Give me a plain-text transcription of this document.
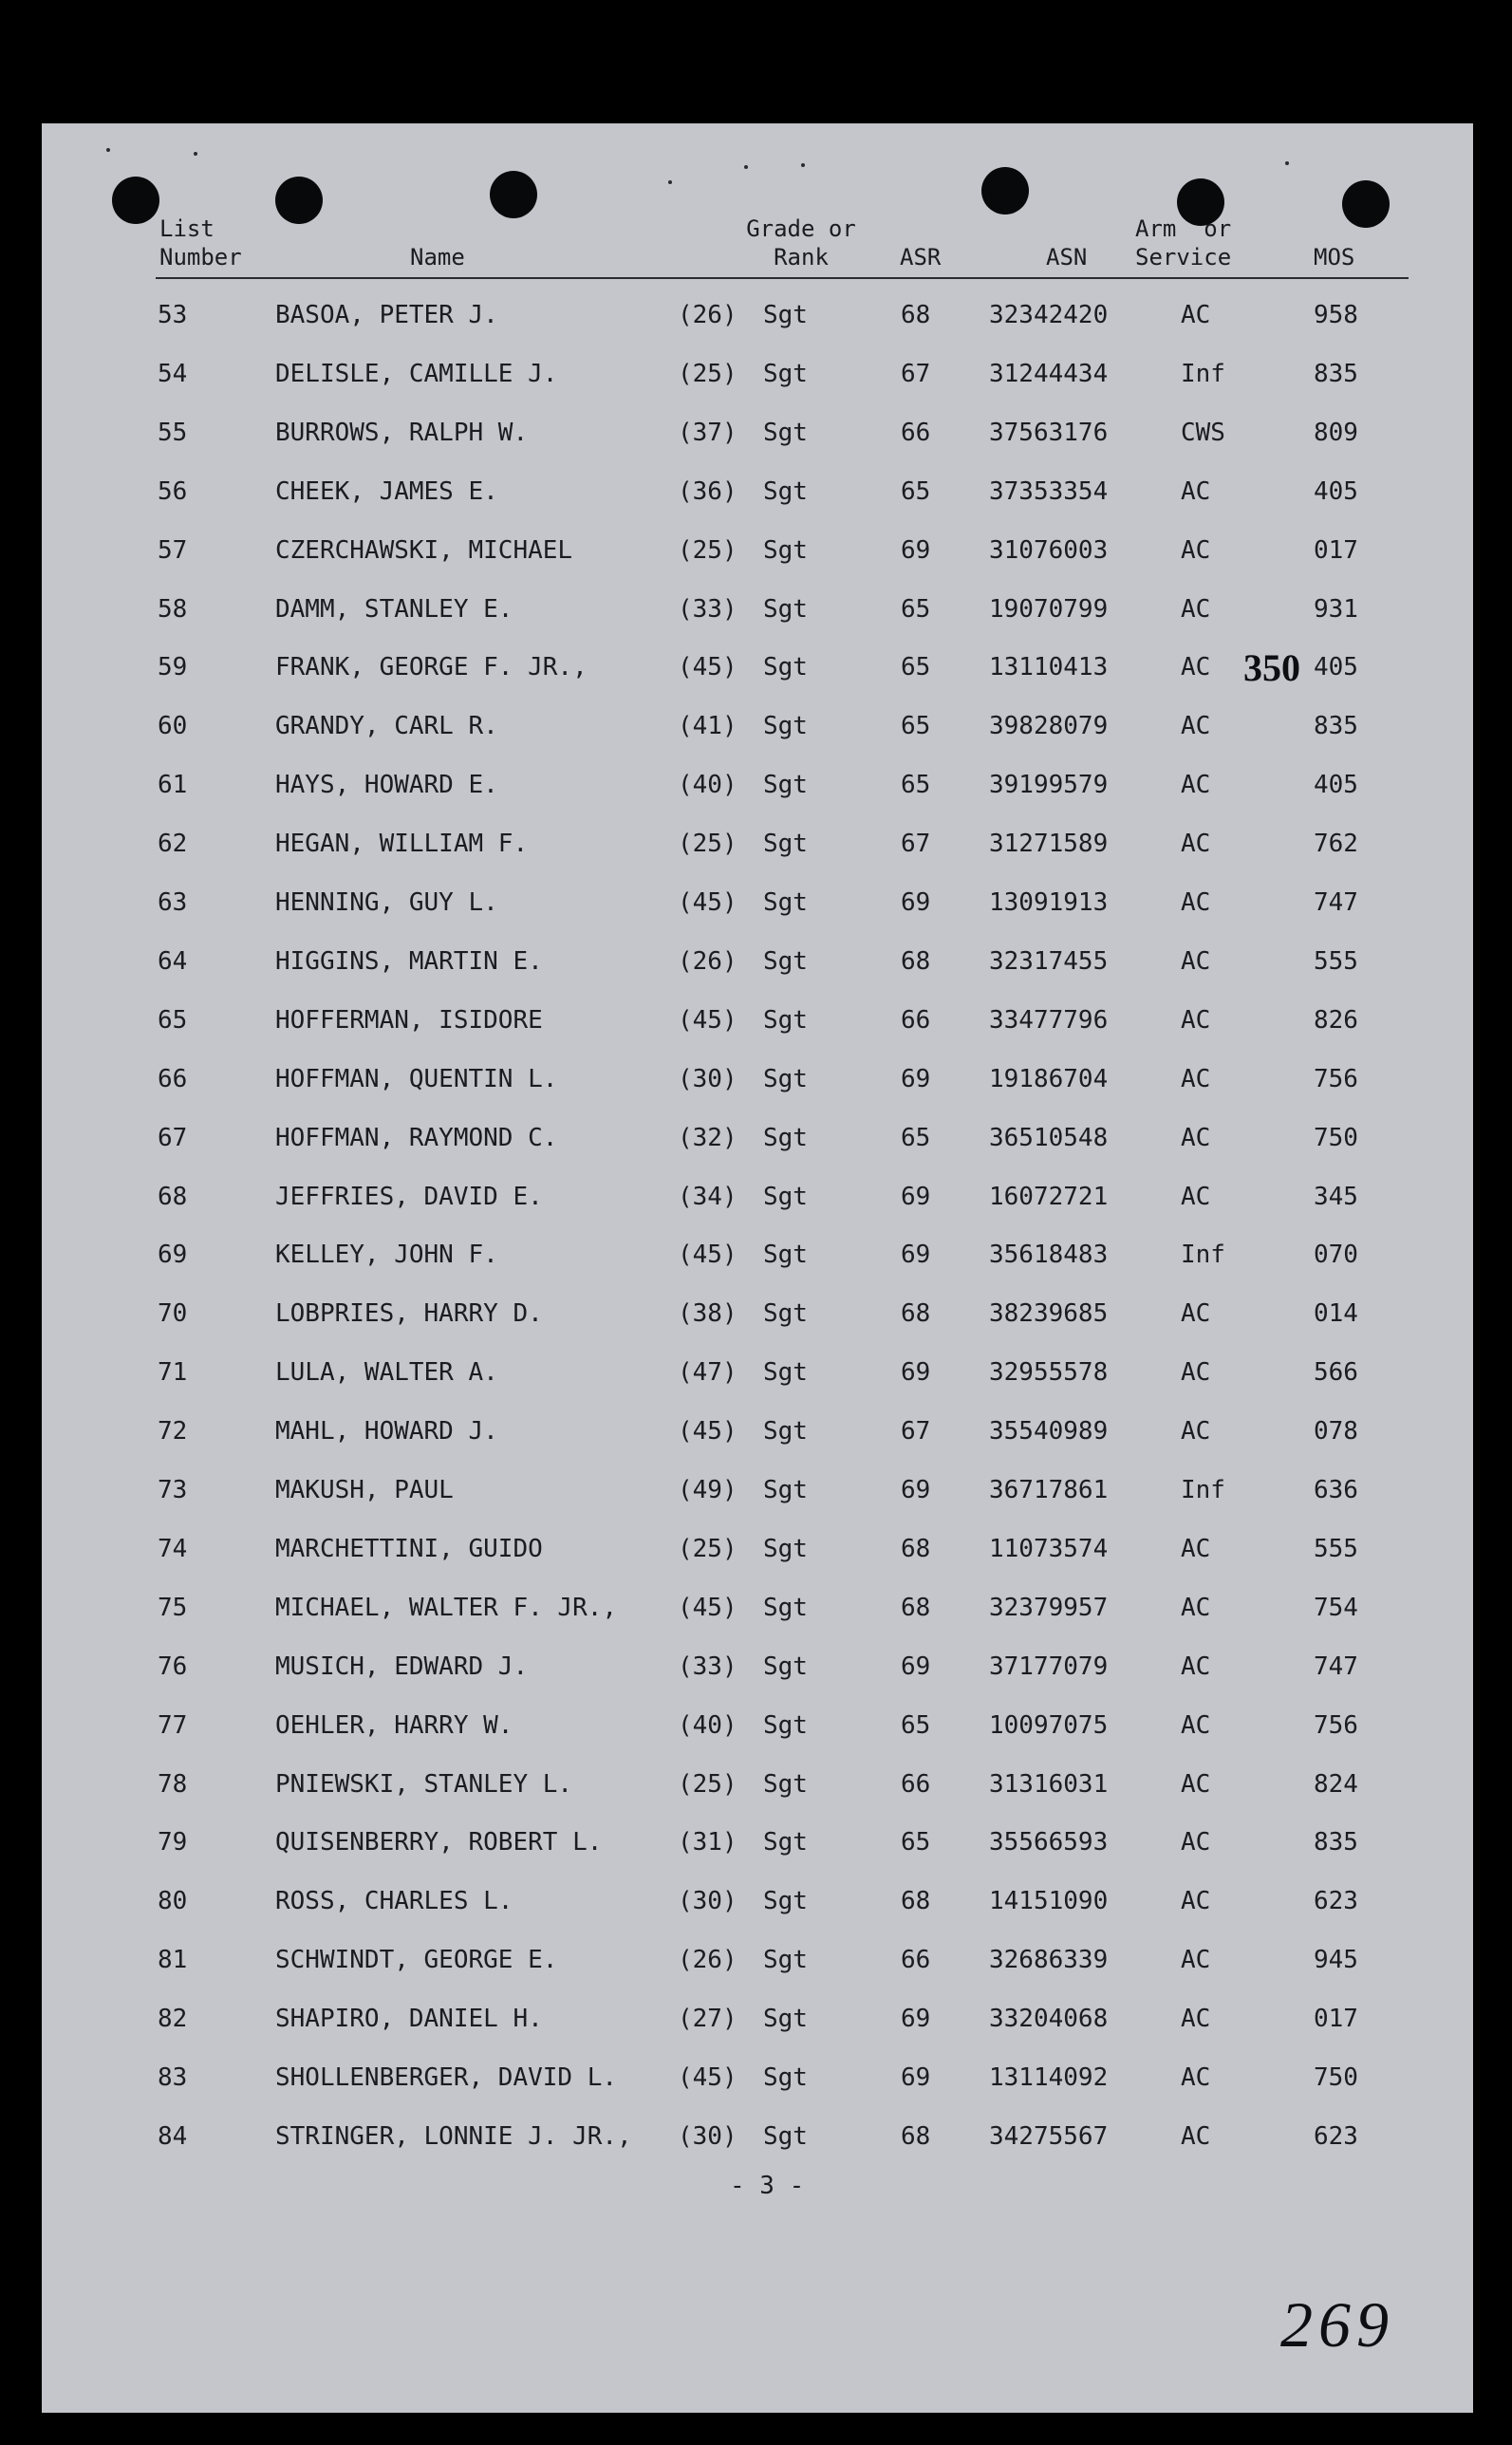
List
Number	Name
Grade or
Rank	ASR	ASN
Arm  or
Service	MOS
53	BASOA, PETER J.	(26) Sgt	68 32342420	AC	958
54	DELISLE, CAMILLE J.	(25) Sgt	67 31244434	Inf	835
55	BURROWS, RALPH W.	(37) Sgt	66 37563176	CWS	809
56	CHEEK, JAMES E.	(36) Sgt	65 37353354	AC	405
57	CZERCHAWSKI, MICHAEL	(25) Sgt	69 31076003	AC	017
58	DAMM, STANLEY E.	(33) Sgt	65 19070799	AC	931
59	FRANK, GEORGE F. JR.,	(45) Sgt	65 13110413	AC	405
60	GRANDY, CARL R.	(41) Sgt	65 39828079	AC	835
61	HAYS, HOWARD E.	(40) Sgt	65 39199579	AC	405
62	HEGAN, WILLIAM F.	(25) Sgt	67 31271589	AC	762
63	HENNING, GUY L.	(45) Sgt	69 13091913	AC	747
64	HIGGINS, MARTIN E.	(26) Sgt	68 32317455	AC	555
65	HOFFERMAN, ISIDORE	(45) Sgt	66 33477796	AC	826
66	HOFFMAN, QUENTIN L.	(30) Sgt	69 19186704	AC	756
67	HOFFMAN, RAYMOND C.	(32) Sgt	65 36510548	AC	750
68	JEFFRIES, DAVID E.	(34) Sgt	69 16072721	AC	345
69	KELLEY, JOHN F.	(45) Sgt	69 35618483	Inf	070
70	LOBPRIES, HARRY D.	(38) Sgt	68 38239685	AC	014
71	LULA, WALTER A.	(47) Sgt	69 32955578	AC	566
72	MAHL, HOWARD J.	(45) Sgt	67 35540989	AC	078
73	MAKUSH, PAUL	(49) Sgt	69 36717861	Inf	636
74	MARCHETTINI, GUIDO	(25) Sgt	68 11073574	AC	555
75	MICHAEL, WALTER F. JR., (45) Sgt	68 32379957	AC	754
76	MUSICH, EDWARD J.	(33) Sgt	69 37177079	AC	747
77	OEHLER, HARRY W.	(40) Sgt	65 10097075	AC	756
78	PNIEWSKI, STANLEY L.	(25) Sgt	66 31316031	AC	824
79	QUISENBERRY, ROBERT L.	(31) Sgt	65 35566593	AC	835
80	ROSS, CHARLES L.	(30) Sgt	68 14151090	AC	623
81	SCHWINDT, GEORGE E.	(26) Sgt	66 32686339	AC	945
82	SHAPIRO, DANIEL H.	(27) Sgt	69 33204068	AC	017
83	SHOLLENBERGER, DAVID L. (45) Sgt	69 13114092	AC	750
84	STRINGER, LONNIE J. JR., (30) Sgt	68 34275567	AC	623
350
- 3 -
269
